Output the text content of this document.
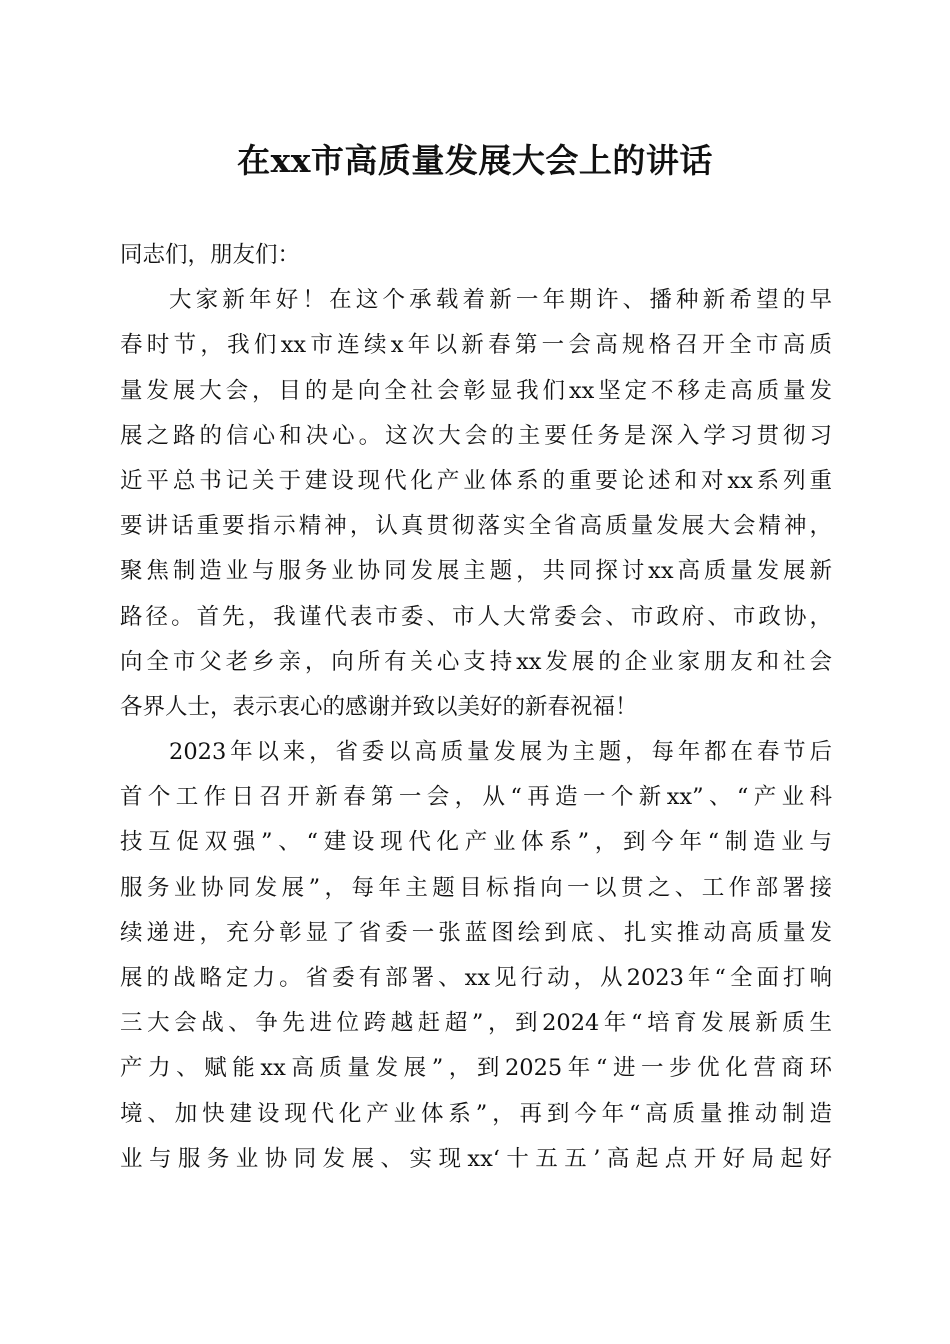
在xx市高质量发展大会上的讲话
同志们，朋友们：
大家新年好！在这个承载着新一年期许、播种新希望的早
春时节，我们xx市连续x年以新春第一会高规格召开全市高质
量发展大会，目的是向全社会彰显我们xx坚定不移走高质量发
展之路的信心和决心。这次大会的主要任务是深入学习贯彻习
近平总书记关于建设现代化产业体系的重要论述和对xx系列重
要讲话重要指示精神，认真贯彻落实全省高质量发展大会精神，
聚焦制造业与服务业协同发展主题，共同探讨xx高质量发展新
路径。首先，我谨代表市委、市人大常委会、市政府、市政协，
向全市父老乡亲，向所有关心支持xx发展的企业家朋友和社会
各界人士，表示衷心的感谢并致以美好的新春祝福！
2023年以来，省委以高质量发展为主题，每年都在春节后
首个工作日召开新春第一会，从“再造一个新xx”、“产业科
技互促双强”、“建设现代化产业体系”，到今年“制造业与
服务业协同发展”，每年主题目标指向一以贯之、工作部署接
续递进，充分彰显了省委一张蓝图绘到底、扎实推动高质量发
展的战略定力。省委有部署、xx见行动，从2023年“全面打响
三大会战、争先进位跨越赶超”，到2024年“培育发展新质生
产力、赋能xx高质量发展”，到2025年“进一步优化营商环
境、加快建设现代化产业体系”，再到今年“高质量推动制造
业与服务业协同发展、实现xx‘十五五’高起点开好局起好
